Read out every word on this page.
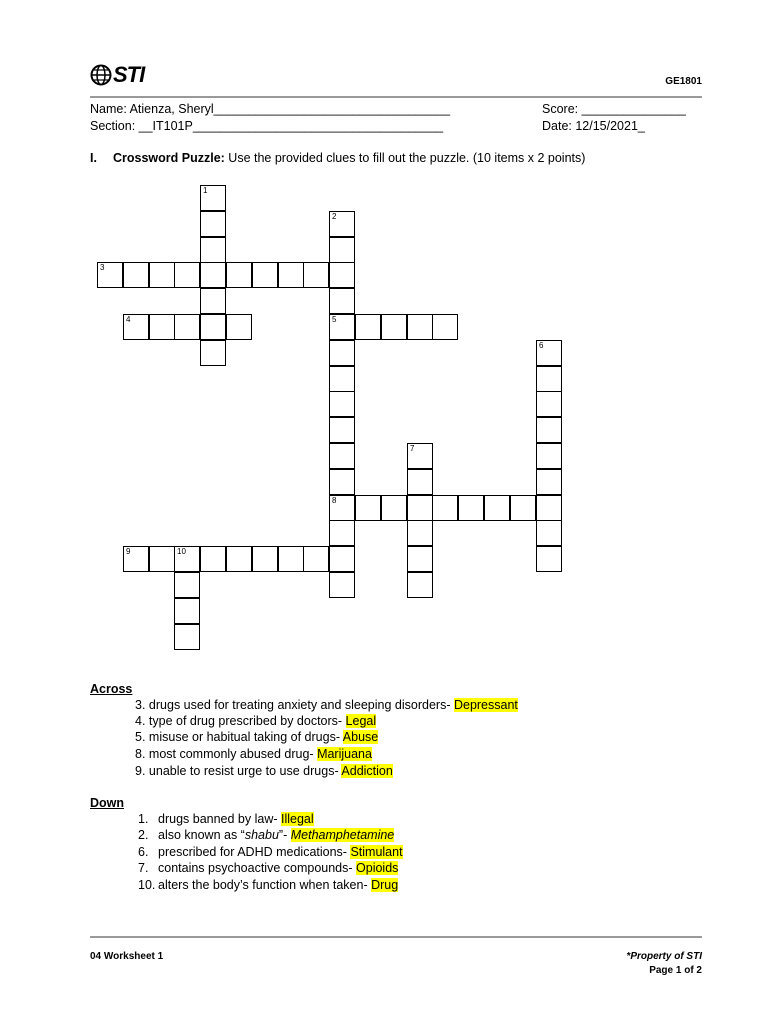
STI	GE1801
Name: Atienza, Sheryl__________________________________
Section: __IT101P____________________________________
Score: _______________
Date: 12/15/2021_
I. Crossword Puzzle: Use the provided clues to fill out the puzzle. (10 items x 2 points)
1
2
5
8
3
4
6
7
9	10
Across
3. drugs used for treating anxiety and sleeping disorders- Depressant
4. type of drug prescribed by doctors- Legal
5. misuse or habitual taking of drugs- Abuse
8. most commonly abused drug- Marijuana
9. unable to resist urge to use drugs- Addiction
Down
1. drugs banned by law- Illegal
2. also known as “shabu”- Methamphetamine
6. prescribed for ADHD medications- Stimulant
7. contains psychoactive compounds- Opioids
10. alters the body’s function when taken- Drug
04 Worksheet 1	*Property of STI
Page 1 of 2
